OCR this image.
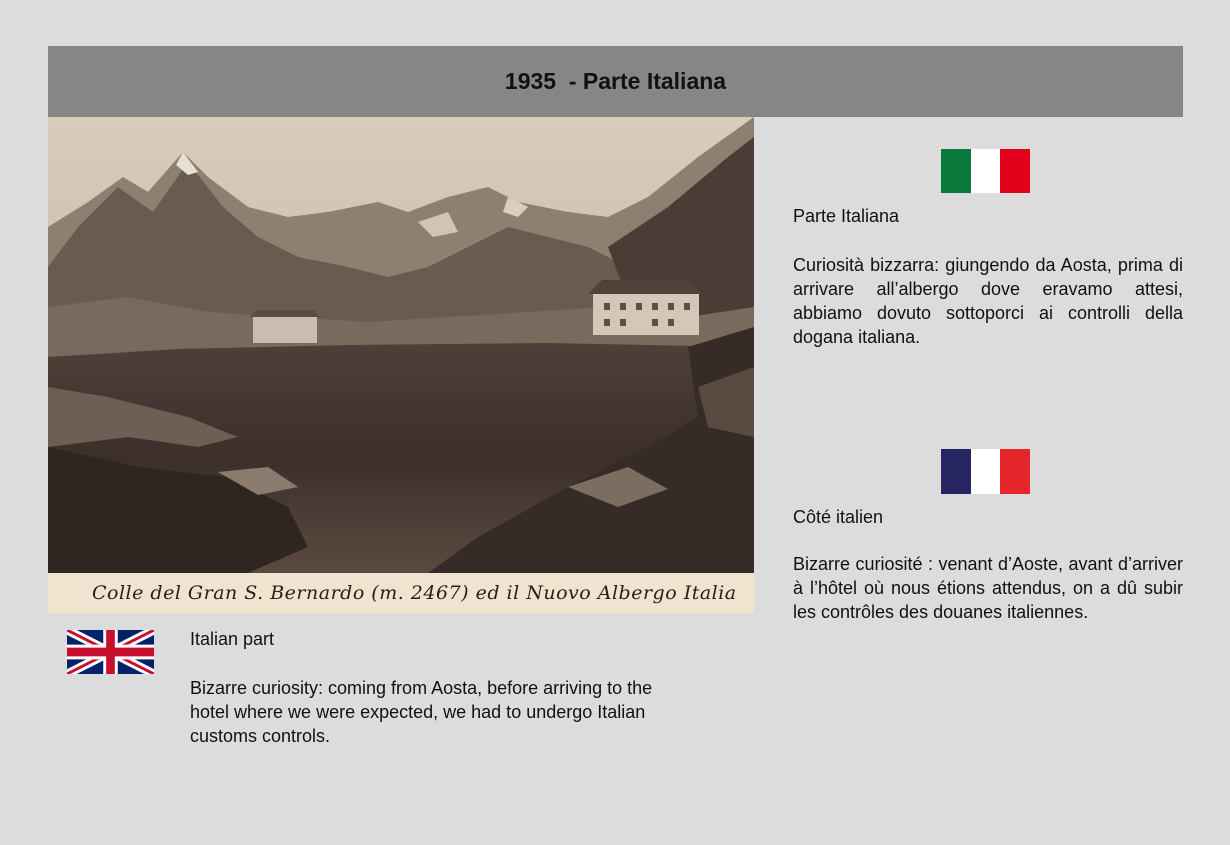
1935  - Parte Italiana
Colle del Gran S. Bernardo (m. 2467) ed il Nuovo Albergo Italia
Parte Italiana

Curiosità bizzarra: giungendo da Aosta, prima di arrivare all’albergo dove eravamo attesi, abbiamo dovuto sottoporci ai controlli della dogana italiana.

Côté italien

Bizarre curiosité : venant d’Aoste, avant d’arriver à l’hôtel où nous étions attendus, on a dû subir les contrôles des douanes italiennes.

Italian part

Bizarre curiosity: coming from Aosta, before arriving to the hotel where we were expected, we had to undergo Italian customs controls.
